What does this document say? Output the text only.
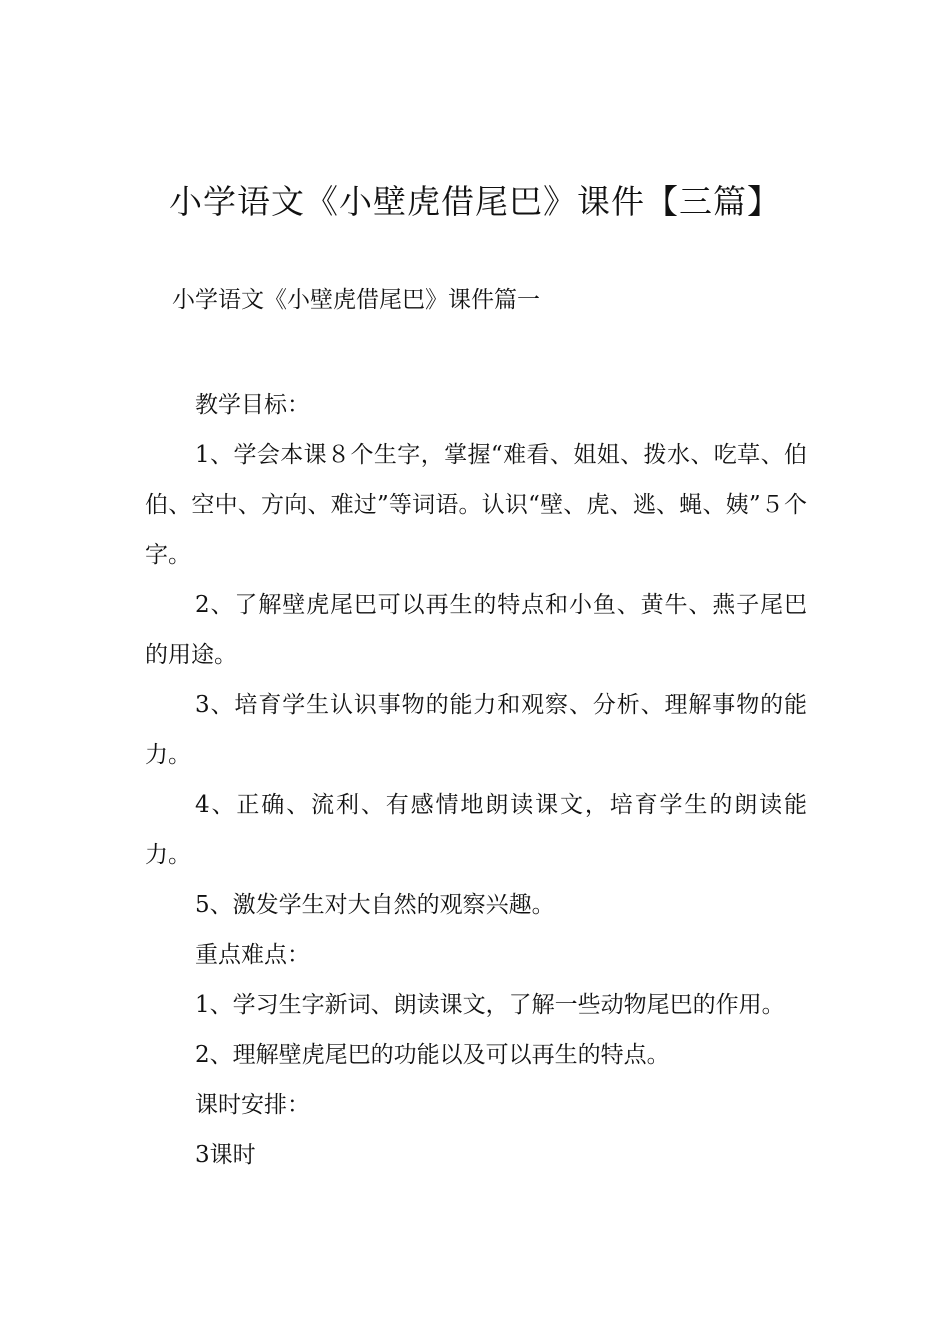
小学语文《小壁虎借尾巴》课件【三篇】

小学语文《小壁虎借尾巴》课件篇一

教学目标：

1、学会本课８个生字，掌握“难看、姐姐、拨水、吃草、伯伯、空中、方向、难过”等词语。认识“壁、虎、逃、蝇、姨”５个字。

2、了解壁虎尾巴可以再生的特点和小鱼、黄牛、燕子尾巴的用途。

3、培育学生认识事物的能力和观察、分析、理解事物的能力。

4、正确、流利、有感情地朗读课文，培育学生的朗读能力。

5、激发学生对大自然的观察兴趣。

重点难点：

1、学习生字新词、朗读课文，了解一些动物尾巴的作用。

2、理解壁虎尾巴的功能以及可以再生的特点。

课时安排：

3课时
